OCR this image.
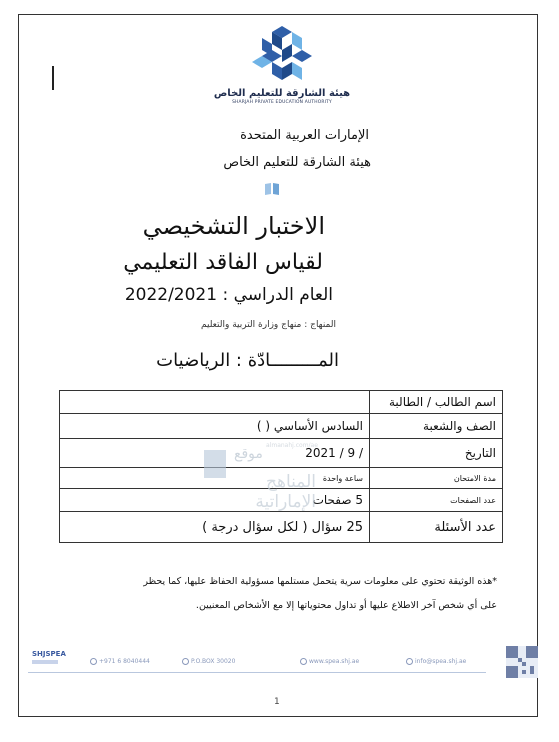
هيئة الشارقة للتعليم الخاص
SHARJAH PRIVATE EDUCATION AUTHORITY
الإمارات العربية المتحدة
هيئة الشارقة للتعليم الخاص
الاختبار التشخيصي
لقياس الفاقد التعليمي
العام الدراسي : 2022/2021
المنهاج : منهاج وزارة التربية والتعليم
المـــــــــادّة : الرياضيات
اسم الطالب / الطالبة	
الصف والشعبة	السادس الأساسي ( )
التاريخ	/ 9 / 2021
مدة الامتحان	ساعة واحدة
عدد الصفحات	5 صفحات
عدد الأسئلة	25 سؤال ( لكل سؤال درجة )
almanahj.com/ae
موقع
المناهج الإماراتية
*هذه الوثيقة تحتوي على معلومات سرية يتحمل مستلمها مسؤولية الحفاظ عليها، كما يحظر
على أي شخص آخر الاطلاع عليها أو تداول محتوياتها إلا مع الأشخاص المعنيين.
SHJSPEA
+971 6 8040444	P.O.BOX 30020	www.spea.shj.ae	info@spea.shj.ae
1
